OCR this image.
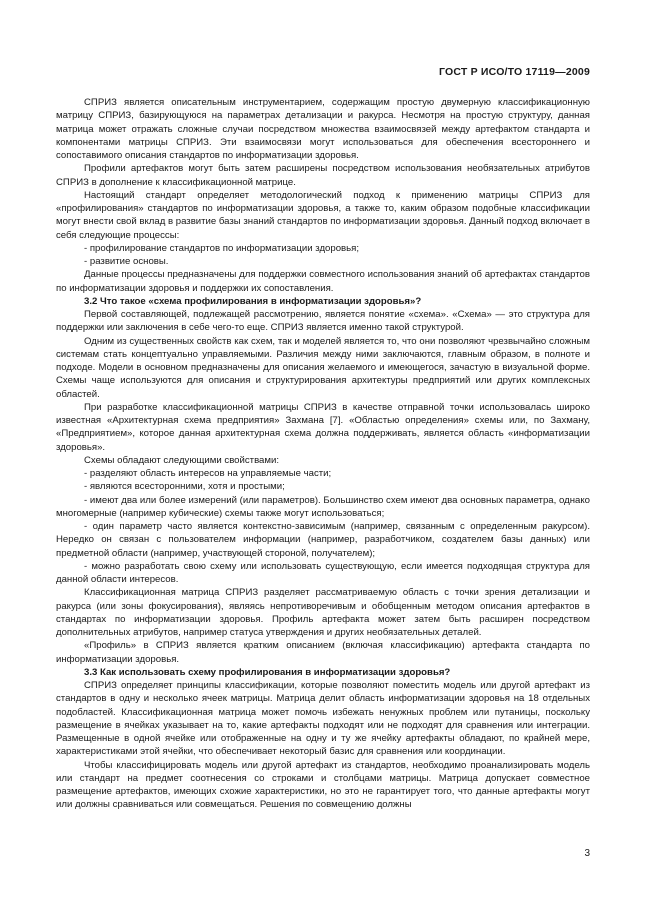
ГОСТ Р ИСО/ТО 17119—2009

СПРИЗ является описательным инструментарием, содержащим простую двумерную классификационную матрицу СПРИЗ, базирующуюся на параметрах детализации и ракурса. Несмотря на простую структуру, данная матрица может отражать сложные случаи посредством множества взаимосвязей между артефактом стандарта и компонентами матрицы СПРИЗ. Эти взаимосвязи могут использоваться для обеспечения всестороннего и сопоставимого описания стандартов по информатизации здоровья.

Профили артефактов могут быть затем расширены посредством использования необязательных атрибутов СПРИЗ в дополнение к классификационной матрице.

Настоящий стандарт определяет методологический подход к применению матрицы СПРИЗ для «профилирования» стандартов по информатизации здоровья, а также то, каким образом подобные классификации могут внести свой вклад в развитие базы знаний стандартов по информатизации здоровья. Данный подход включает в себя следующие процессы:

- профилирование стандартов по информатизации здоровья;

- развитие основы.

Данные процессы предназначены для поддержки совместного использования знаний об артефактах стандартов по информатизации здоровья и поддержки их сопоставления.

3.2 Что такое «схема профилирования в информатизации здоровья»?

Первой составляющей, подлежащей рассмотрению, является понятие «схема». «Схема» — это структура для поддержки или заключения в себе чего-то еще. СПРИЗ является именно такой структурой.

Одним из существенных свойств как схем, так и моделей является то, что они позволяют чрезвычайно сложным системам стать концептуально управляемыми. Различия между ними заключаются, главным образом, в полноте и подходе. Модели в основном предназначены для описания желаемого и имеющегося, зачастую в визуальной форме. Схемы чаще используются для описания и структурирования архитектуры предприятий или других комплексных областей.

При разработке классификационной матрицы СПРИЗ в качестве отправной точки использовалась широко известная «Архитектурная схема предприятия» Захмана [7]. «Областью определения» схемы или, по Захману, «Предприятием», которое данная архитектурная схема должна поддерживать, является область «информатизации здоровья».

Схемы обладают следующими свойствами:

- разделяют область интересов на управляемые части;

- являются всесторонними, хотя и простыми;

- имеют два или более измерений (или параметров). Большинство схем имеют два основных параметра, однако многомерные (например кубические) схемы также могут использоваться;

- один параметр часто является контекстно-зависимым (например, связанным с определенным ракурсом). Нередко он связан с пользователем информации (например, разработчиком, создателем базы данных) или предметной области (например, участвующей стороной, получателем);

- можно разработать свою схему или использовать существующую, если имеется подходящая структура для данной области интересов.

Классификационная матрица СПРИЗ разделяет рассматриваемую область с точки зрения детализации и ракурса (или зоны фокусирования), являясь непротиворечивым и обобщенным методом описания артефактов в стандартах по информатизации здоровья. Профиль артефакта может затем быть расширен посредством дополнительных атрибутов, например статуса утверждения и других необязательных деталей.

«Профиль» в СПРИЗ является кратким описанием (включая классификацию) артефакта стандарта по информатизации здоровья.

3.3 Как использовать схему профилирования в информатизации здоровья?

СПРИЗ определяет принципы классификации, которые позволяют поместить модель или другой артефакт из стандартов в одну и несколько ячеек матрицы. Матрица делит область информатизации здоровья на 18 отдельных подобластей. Классификационная матрица может помочь избежать ненужных проблем или путаницы, поскольку размещение в ячейках указывает на то, какие артефакты подходят или не подходят для сравнения или интеграции. Размещенные в одной ячейке или отображенные на одну и ту же ячейку артефакты обладают, по крайней мере, характеристиками этой ячейки, что обеспечивает некоторый базис для сравнения или координации.

Чтобы классифицировать модель или другой артефакт из стандартов, необходимо проанализировать модель или стандарт на предмет соотнесения со строками и столбцами матрицы. Матрица допускает совместное размещение артефактов, имеющих схожие характеристики, но это не гарантирует того, что данные артефакты могут или должны сравниваться или совмещаться. Решения по совмещению должны

3
